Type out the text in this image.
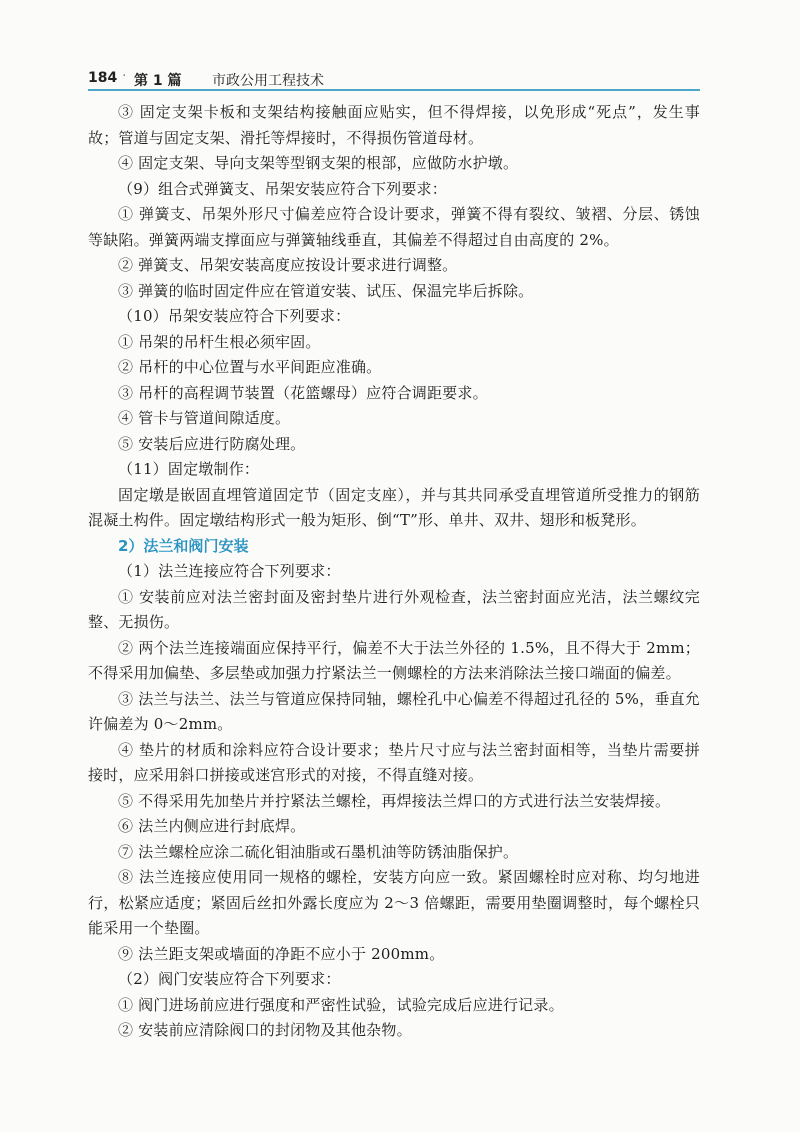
184 · 第 1 篇 市政公用工程技术

③ 固定支架卡板和支架结构接触面应贴实，但不得焊接，以免形成“死点”，发生事故；管道与固定支架、滑托等焊接时，不得损伤管道母材。

④ 固定支架、导向支架等型钢支架的根部，应做防水护墩。

（9）组合式弹簧支、吊架安装应符合下列要求：

① 弹簧支、吊架外形尺寸偏差应符合设计要求，弹簧不得有裂纹、皱褶、分层、锈蚀等缺陷。弹簧两端支撑面应与弹簧轴线垂直，其偏差不得超过自由高度的 2%。

② 弹簧支、吊架安装高度应按设计要求进行调整。

③ 弹簧的临时固定件应在管道安装、试压、保温完毕后拆除。

（10）吊架安装应符合下列要求：

① 吊架的吊杆生根必须牢固。

② 吊杆的中心位置与水平间距应准确。

③ 吊杆的高程调节装置（花篮螺母）应符合调距要求。

④ 管卡与管道间隙适度。

⑤ 安装后应进行防腐处理。

（11）固定墩制作：

固定墩是嵌固直埋管道固定节（固定支座），并与其共同承受直埋管道所受推力的钢筋混凝土构件。固定墩结构形式一般为矩形、倒“T”形、单井、双井、翅形和板凳形。

2）法兰和阀门安装

（1）法兰连接应符合下列要求：

① 安装前应对法兰密封面及密封垫片进行外观检查，法兰密封面应光洁，法兰螺纹完整、无损伤。

② 两个法兰连接端面应保持平行，偏差不大于法兰外径的 1.5%，且不得大于 2mm；不得采用加偏垫、多层垫或加强力拧紧法兰一侧螺栓的方法来消除法兰接口端面的偏差。

③ 法兰与法兰、法兰与管道应保持同轴，螺栓孔中心偏差不得超过孔径的 5%，垂直允许偏差为 0～2mm。

④ 垫片的材质和涂料应符合设计要求；垫片尺寸应与法兰密封面相等，当垫片需要拼接时，应采用斜口拼接或迷宫形式的对接，不得直缝对接。

⑤ 不得采用先加垫片并拧紧法兰螺栓，再焊接法兰焊口的方式进行法兰安装焊接。

⑥ 法兰内侧应进行封底焊。

⑦ 法兰螺栓应涂二硫化钼油脂或石墨机油等防锈油脂保护。

⑧ 法兰连接应使用同一规格的螺栓，安装方向应一致。紧固螺栓时应对称、均匀地进行，松紧应适度；紧固后丝扣外露长度应为 2～3 倍螺距，需要用垫圈调整时，每个螺栓只能采用一个垫圈。

⑨ 法兰距支架或墙面的净距不应小于 200mm。

（2）阀门安装应符合下列要求：

① 阀门进场前应进行强度和严密性试验，试验完成后应进行记录。

② 安装前应清除阀口的封闭物及其他杂物。
